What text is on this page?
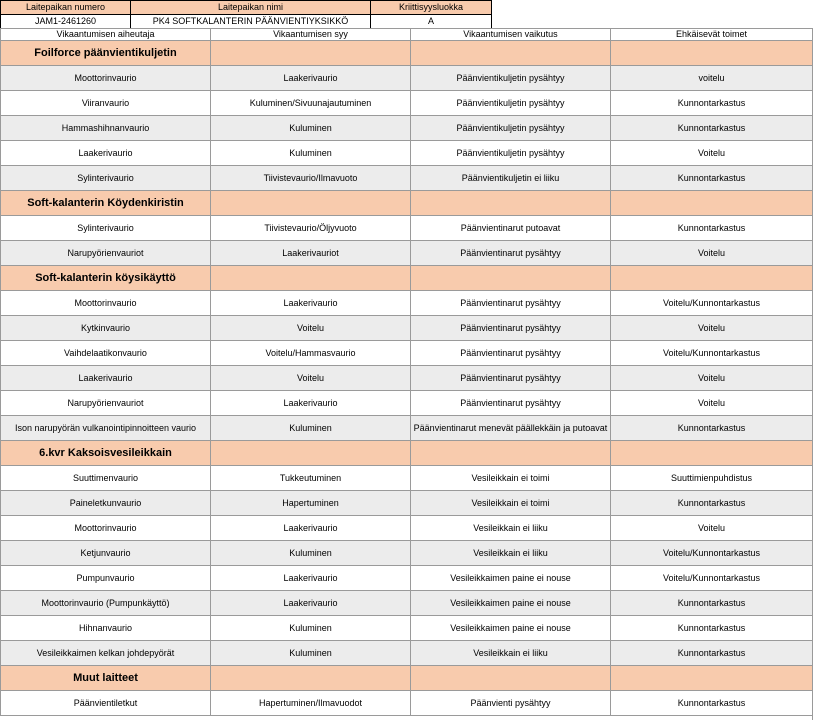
Laitepaikan numero	Laitepaikan nimi	Kriittisyysluokka
JAM1-2461260	PK4 SOFTKALANTERIN PÄÄNVIENTIYKSIKKÖ	A
Vikaantumisen aiheutaja	Vikaantumisen syy	Vikaantumisen vaikutus	Ehkäisevät toimet
Foilforce päänvientikuljetin			
Moottorinvaurio	Laakerivaurio	Päänvientikuljetin pysähtyy	voitelu
Viiranvaurio	Kuluminen/Sivuunajautuminen	Päänvientikuljetin pysähtyy	Kunnontarkastus
Hammashihnanvaurio	Kuluminen	Päänvientikuljetin pysähtyy	Kunnontarkastus
Laakerivaurio	Kuluminen	Päänvientikuljetin pysähtyy	Voitelu
Sylinterivaurio	Tiivistevaurio/Ilmavuoto	Päänvientikuljetin ei liiku	Kunnontarkastus
Soft-kalanterin Köydenkiristin			
Sylinterivaurio	Tiivistevaurio/Öljyvuoto	Päänvientinarut putoavat	Kunnontarkastus
Narupyörienvauriot	Laakerivauriot	Päänvientinarut pysähtyy	Voitelu
Soft-kalanterin köysikäyttö			
Moottorinvaurio	Laakerivaurio	Päänvientinarut pysähtyy	Voitelu/Kunnontarkastus
Kytkinvaurio	Voitelu	Päänvientinarut pysähtyy	Voitelu
Vaihdelaatikonvaurio	Voitelu/Hammasvaurio	Päänvientinarut pysähtyy	Voitelu/Kunnontarkastus
Laakerivaurio	Voitelu	Päänvientinarut pysähtyy	Voitelu
Narupyörienvauriot	Laakerivaurio	Päänvientinarut pysähtyy	Voitelu
Ison narupyörän vulkanointipinnoitteen vaurio	Kuluminen	Päänvientinarut menevät päällekkäin ja putoavat	Kunnontarkastus
6.kvr Kaksoisvesileikkain			
Suuttimenvaurio	Tukkeutuminen	Vesileikkain ei toimi	Suuttimienpuhdistus
Paineletkunvaurio	Hapertuminen	Vesileikkain ei toimi	Kunnontarkastus
Moottorinvaurio	Laakerivaurio	Vesileikkain ei liiku	Voitelu
Ketjunvaurio	Kuluminen	Vesileikkain ei liiku	Voitelu/Kunnontarkastus
Pumpunvaurio	Laakerivaurio	Vesileikkaimen paine ei nouse	Voitelu/Kunnontarkastus
Moottorinvaurio (Pumpunkäyttö)	Laakerivaurio	Vesileikkaimen paine ei nouse	Kunnontarkastus
Hihnanvaurio	Kuluminen	Vesileikkaimen paine ei nouse	Kunnontarkastus
Vesileikkaimen kelkan johdepyörät	Kuluminen	Vesileikkain ei liiku	Kunnontarkastus
Muut laitteet			
Päänvientiletkut	Hapertuminen/Ilmavuodot	Päänvienti pysähtyy	Kunnontarkastus
